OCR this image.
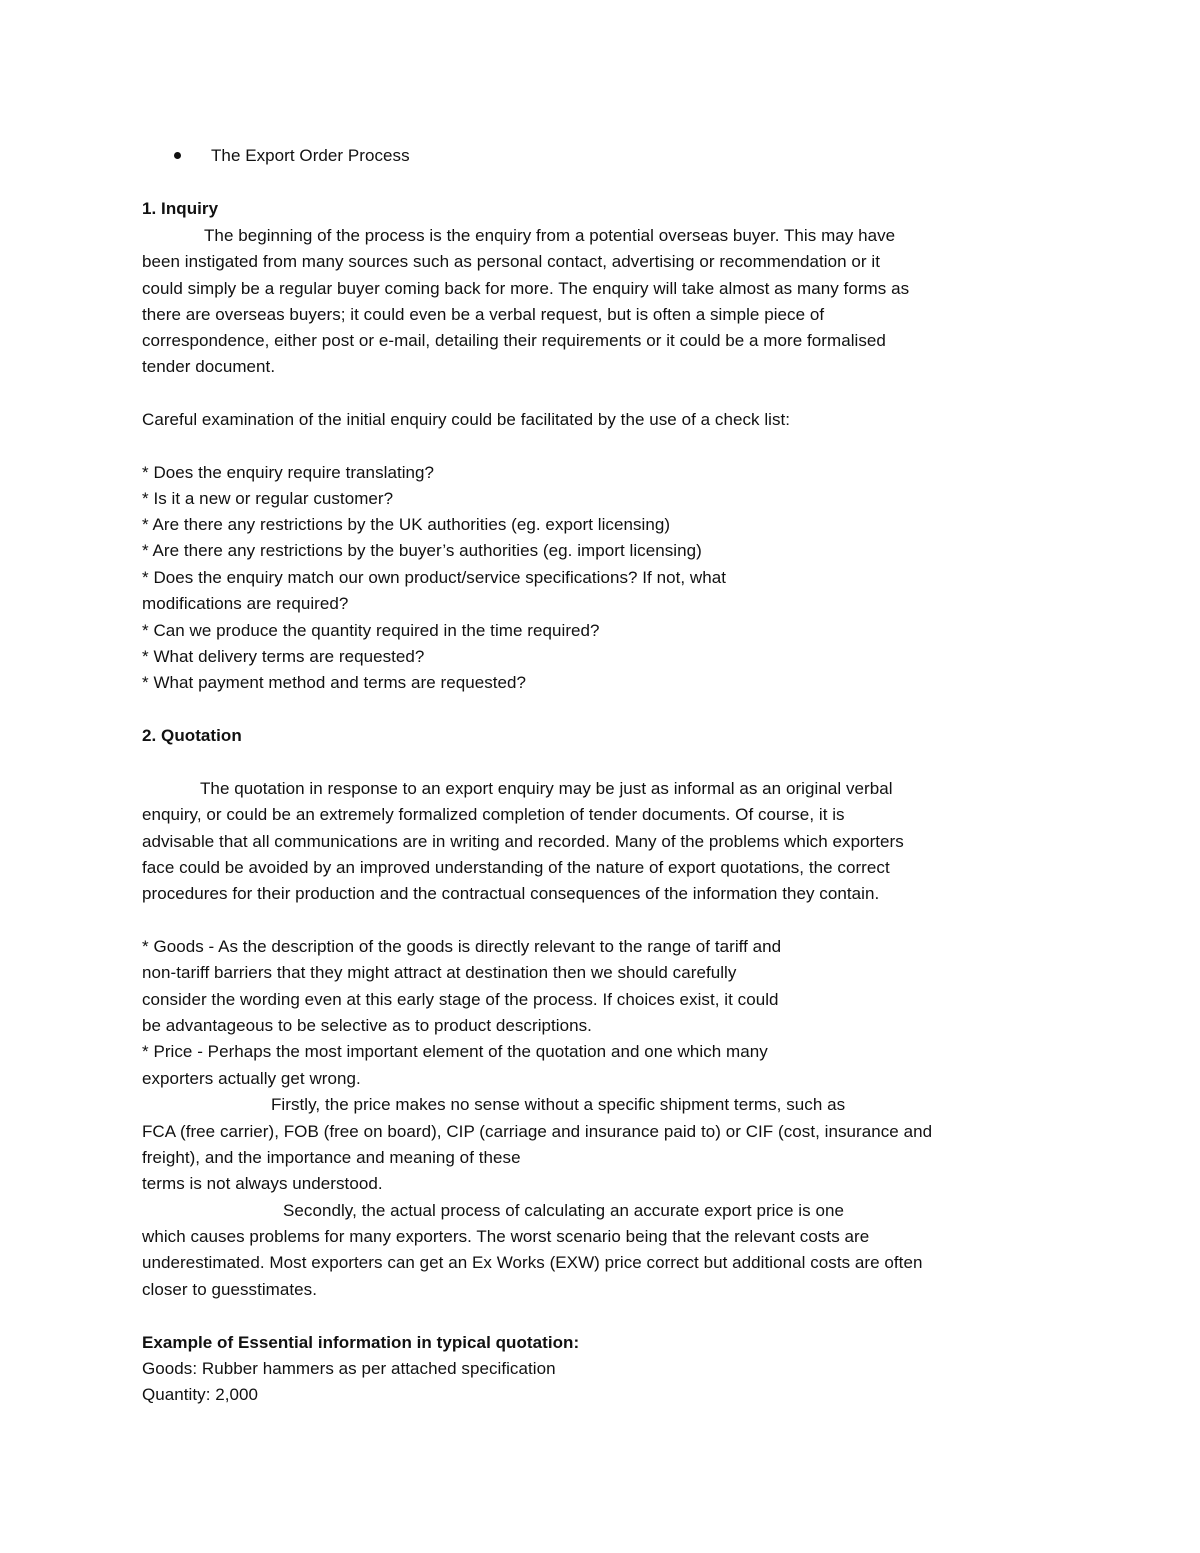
The Export Order Process
1. Inquiry
The beginning of the process is the enquiry from a potential overseas buyer. This may have
been instigated from many sources such as personal contact, advertising or recommendation or it
could simply be a regular buyer coming back for more. The enquiry will take almost as many forms as
there are overseas buyers; it could even be a verbal request, but is often a simple piece of
correspondence, either post or e-mail, detailing their requirements or it could be a more formalised
tender document.
Careful examination of the initial enquiry could be facilitated by the use of a check list:
* Does the enquiry require translating?
* Is it a new or regular customer?
* Are there any restrictions by the UK authorities (eg. export licensing)
* Are there any restrictions by the buyer’s authorities (eg. import licensing)
* Does the enquiry match our own product/service specifications? If not, what
modifications are required?
* Can we produce the quantity required in the time required?
* What delivery terms are requested?
* What payment method and terms are requested?
2. Quotation
The quotation in response to an export enquiry may be just as informal as an original verbal
enquiry, or could be an extremely formalized completion of tender documents. Of course, it is
advisable that all communications are in writing and recorded. Many of the problems which exporters
face could be avoided by an improved understanding of the nature of export quotations, the correct
procedures for their production and the contractual consequences of the information they contain.
* Goods - As the description of the goods is directly relevant to the range of tariff and
non-tariff barriers that they might attract at destination then we should carefully
consider the wording even at this early stage of the process. If choices exist, it could
be advantageous to be selective as to product descriptions.
* Price - Perhaps the most important element of the quotation and one which many
exporters actually get wrong.
Firstly, the price makes no sense without a specific shipment terms, such as
FCA (free carrier), FOB (free on board), CIP (carriage and insurance paid to) or CIF (cost, insurance and
freight), and the importance and meaning of these
terms is not always understood.
Secondly, the actual process of calculating an accurate export price is one
which causes problems for many exporters. The worst scenario being that the relevant costs are
underestimated. Most exporters can get an Ex Works (EXW) price correct but additional costs are often
closer to guesstimates.
Example of Essential information in typical quotation:
Goods: Rubber hammers as per attached specification
Quantity: 2,000
